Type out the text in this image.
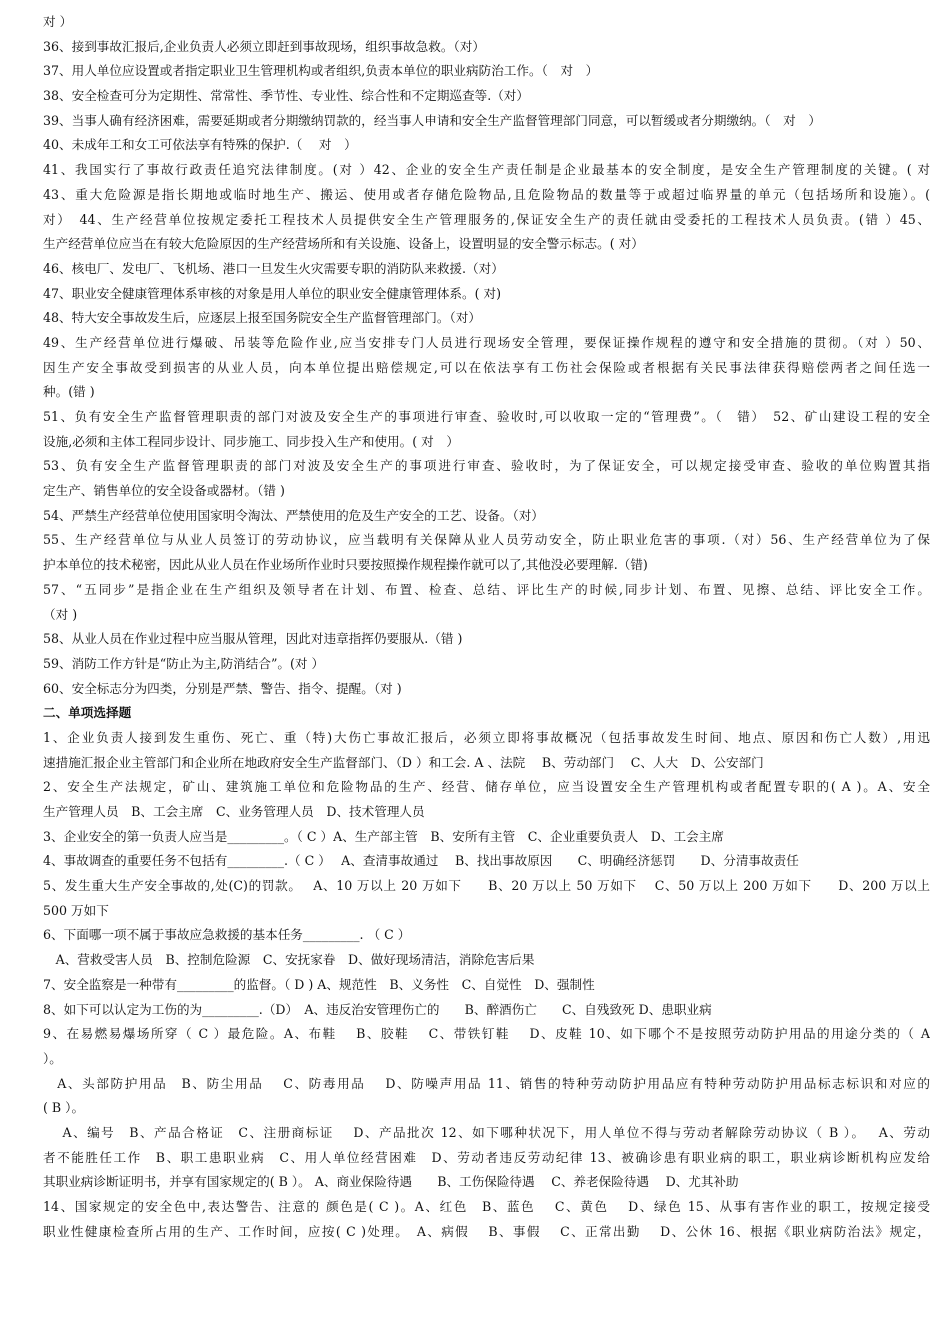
对 ）
36、接到事故汇报后,企业负责人必须立即赶到事故现场，组织事故急救。（对）
37、用人单位应设置或者指定职业卫生管理机构或者组织,负责本单位的职业病防治工作。（　对　）
38、安全检查可分为定期性、常常性、季节性、专业性、综合性和不定期巡查等.（对）
39、当事人确有经济困难，需要延期或者分期缴纳罚款的，经当事人申请和安全生产监督管理部门同意，可以暂缓或者分期缴纳。（　对　）
40、未成年工和女工可依法享有特殊的保护.（　 对　）
41、我国实行了事故行政责任追究法律制度。(对 ）42、企业的安全生产责任制是企业最基本的安全制度，是安全生产管理制度的关键。( 对
43、重大危险源是指长期地或临时地生产、搬运、使用或者存储危险物品,且危险物品的数量等于或超过临界量的单元（包括场所和设施）。(
对）　44、生产经营单位按规定委托工程技术人员提供安全生产管理服务的,保证安全生产的责任就由受委托的工程技术人员负责。(错 ）45、
生产经营单位应当在有较大危险原因的生产经营场所和有关设施、设备上，设置明显的安全警示标志。( 对）
46、核电厂、发电厂、飞机场、港口一旦发生火灾需要专职的消防队来救援.（对）
47、职业安全健康管理体系审核的对象是用人单位的职业安全健康管理体系。( 对)
48、特大安全事故发生后，应逐层上报至国务院安全生产监督管理部门。（对）
49、生产经营单位进行爆破、吊装等危险作业,应当安排专门人员进行现场安全管理，要保证操作规程的遵守和安全措施的贯彻。（对 ）50、
因生产安全事故受到损害的从业人员，向本单位提出赔偿规定,可以在依法享有工伤社会保险或者根据有关民事法律获得赔偿两者之间任选一
种。(错 )
51、负有安全生产监督管理职责的部门对波及安全生产的事项进行审查、验收时,可以收取一定的“管理费”。（　错）　52、矿山建设工程的安全
设施,必须和主体工程同步设计、同步施工、同步投入生产和使用。( 对　）
53、负有安全生产监督管理职责的部门对波及安全生产的事项进行审查、验收时，为了保证安全，可以规定接受审查、验收的单位购置其指
定生产、销售单位的安全设备或器材。（错 )
54、严禁生产经营单位使用国家明令淘汰、严禁使用的危及生产安全的工艺、设备。（对）
55、生产经营单位与从业人员签订的劳动协议，应当载明有关保障从业人员劳动安全，防止职业危害的事项.（对）56、生产经营单位为了保
护本单位的技术秘密，因此从业人员在作业场所作业时只要按照操作规程操作就可以了,其他没必要理解.（错)
57、“五同步”是指企业在生产组织及领导者在计划、布置、检查、总结、评比生产的时候,同步计划、布置、见擦、总结、评比安全工作。
（对 )
58、从业人员在作业过程中应当服从管理，因此对违章指挥仍要服从.（错 )
59、消防工作方针是“防止为主,防消结合”。(对 ）
60、安全标志分为四类，分别是严禁、警告、指令、提醒。（对 )
二、单项选择题
1、企业负责人接到发生重伤、死亡、重（特)大伤亡事故汇报后，必须立即将事故概况（包括事故发生时间、地点、原因和伤亡人数）,用迅
速措施汇报企业主管部门和企业所在地政府安全生产监督部门、（D ）和工会. A 、法院　 B、劳动部门　 C、人大　D、公安部门
2、安全生产法规定，矿山、建筑施工单位和危险物品的生产、经营、储存单位，应当设置安全生产管理机构或者配置专职的( A )。A、安全
生产管理人员　B、工会主席　C、业务管理人员　D、技术管理人员
3、企业安全的第一负责人应当是_________。（ C ）A、生产部主管　B、安所有主管　C、企业重要负责人　D、工会主席
4、事故调查的重要任务不包括有_________.（ C ）　 A、查清事故通过　 B、找出事故原因　　C、明确经济惩罚　　D、分清事故责任
5、发生重大生产安全事故的,处(C)的罚款。　 A、10 万以上 20 万如下　　B、20 万以上 50 万如下　 C、50 万以上 200 万如下　　D、200 万以上
500 万如下
6、下面哪一项不属于事故应急救援的基本任务_________. （ C ）
　A、营救受害人员　B、控制危险源　C、安抚家眷　D、做好现场清洁，消除危害后果
7、安全监察是一种带有_________的监督。（ D ) A、规范性　B、义务性　C、自觉性　D、强制性
8、如下可以认定为工伤的为_________.（D）　A、违反治安管理伤亡的　　B、醉酒伤亡　　C、自残致死 D、患职业病
9、在易燃易爆场所穿（ C ）最危险。A、布鞋　 B、胶鞋　 C、带铁钉鞋　 D、皮鞋 10、如下哪个不是按照劳动防护用品的用途分类的（ A
）。
　A、头部防护用品　B、防尘用品　 C、防毒用品　 D、防噪声用品 11、销售的特种劳动防护用品应有特种劳动防护用品标志标识和对应的
( B ）。
　 A、编号　B、产品合格证　C、注册商标证　 D、产品批次 12、如下哪种状况下，用人单位不得与劳动者解除劳动协议（ B ）。　 A、劳动
者不能胜任工作　B、职工患职业病　C、用人单位经营困难　D、劳动者违反劳动纪律 13、被确诊患有职业病的职工，职业病诊断机构应发给
其职业病诊断证明书，并享有国家规定的( B ）。 A、商业保险待遇　　B、工伤保险待遇　 C、养老保险待遇　 D、尤其补助
14、国家规定的安全色中,表达警告、注意的 颜色是( C )。A、红色　B、蓝色　 C、黄色　 D、绿色 15、从事有害作业的职工，按规定接受
职业性健康检查所占用的生产、工作时间，应按( C )处理。　A、病假　 B、事假　 C、正常出勤　 D、公休 16、根据《职业病防治法》规定，
